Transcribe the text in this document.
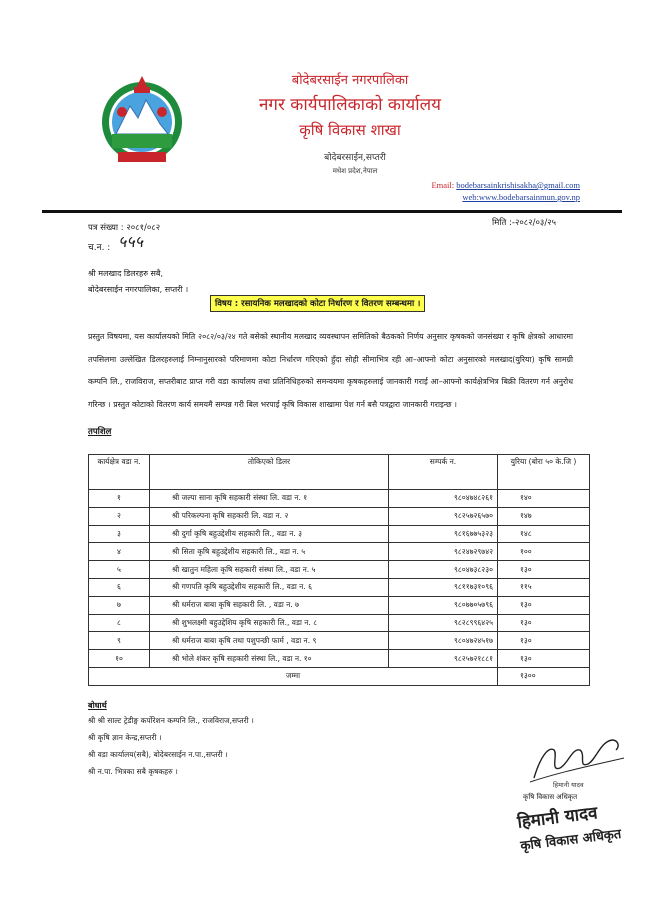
बोदेबरसाईन नगरपालिका
नगर कार्यपालिकाको कार्यालय
कृषि विकास शाखा
बोदेबरसाईन,सप्तरी
मधेश प्रदेश,नेपाल
Email: bodebarsainkrishisakha@gmail.com
web:www.bodebarsainmun.gov.np
पत्र संख्या : २०८१/०८२	मिति :-२०८२/०३/२५
च.न. : ५५५
श्री मलखाद डिलरहरु सबै,
बोदेबरसाईन नगरपालिका, सप्तरी ।
विषय : रसायनिक मलखादको कोटा निर्धारण र वितरण सम्बन्धमा ।
प्रस्तुत विषयमा, यस कार्यालयको मिति २०८२/०३/२४ गते बसेको स्थानीय मलखाद व्यवस्थापन समितिको बैठकको निर्णय अनुसार कृषकको जनसंख्या र कृषि क्षेत्रको आधारमा तपसिलमा उल्लेखित डिलरहरुलाई निम्नानुसारको परिमाणमा कोटा निर्धारण गरिएको हुँदा सोही सीमाभित्र रही आ–आफ्नो कोटा अनुसारको मलखाद(युरिया) कृषि सामग्री कम्पनि लि., राजविराज, सप्तरीबाट प्राप्त गरी वडा कार्यालय तथा प्रतिनिधिहरुको समन्वयमा कृषकहरुलाई जानकारी गराई आ–आफ्नो कार्यक्षेत्रभित्र बिक्री वितरण गर्न अनुरोध गरिन्छ । प्रस्तुत कोटाको वितरण कार्य समयमै सम्पन्न गरी बिल भरपाई कृषि विकास शाखामा पेश गर्न बसै पत्रद्वारा जानकारी गराइन्छ ।
तपशिल
कार्यक्षेत्र वडा न.	तोकिएको डिलर	सम्पर्क न.	युरिया (बोरा ५० के.जि )
१	श्री जल्पा साना कृषि सहकारी संस्था लि. वडा न. १	९८०४७४८२६१	१४०
२	श्री परिकल्पना कृषि सहकारी लि. वडा न. २	९८२५७२६५७०	१४७
३	श्री दुर्गा कृषि बहुउद्देशीय सहकारी लि., वडा न. ३	९८१६७७५३२३	१४८
४	श्री सिता कृषि बहुउद्देशीय सहकारी लि., वडा न. ५	९८२४७२९७४२	१००
५	श्री खातुन महिला कृषि सहकारी संस्था लि., वडा न. ५	९८०४७३८२३०	१३०
६	श्री गणपति कृषि बहुउद्देशीय सहकारी लि., वडा न. ६	९८११७३१०९६	११५
७	श्री धर्मराज बाबा कृषि सहकारी लि. , वडा न. ७	९८०७७०५७९६	१३०
८	श्री शुभलक्ष्मी बहुउद्देशिय कृषि सहकारी लि., वडा न. ८	९८२८९९६४२५	१३०
९	श्री धर्मराज बाबा कृषि तथा पशुपन्छी फार्म , वडा न. ९	९८०४७२४५१७	१३०
१०	श्री भोले शंकर कृषि सहकारी संस्था लि., वडा न. १०	९८२५७२१८८१	१३०
जम्मा			१३००
बोधार्थ
श्री श्री साल्ट ट्रेडीङ्ग कर्पोरेशन कम्पनि लि., राजविराज,सप्तरी ।
श्री कृषि ज्ञान केन्द्र,सप्तरी ।
श्री वडा कार्यालय(सबै), बोदेबरसाईन न.पा.,सप्तरी ।
श्री न.पा. भित्रका सबै कृषकहरु ।
हिमानी यादव
कृषि विकास अधिकृत
हिमानी यादव
कृषि विकास अधिकृत
